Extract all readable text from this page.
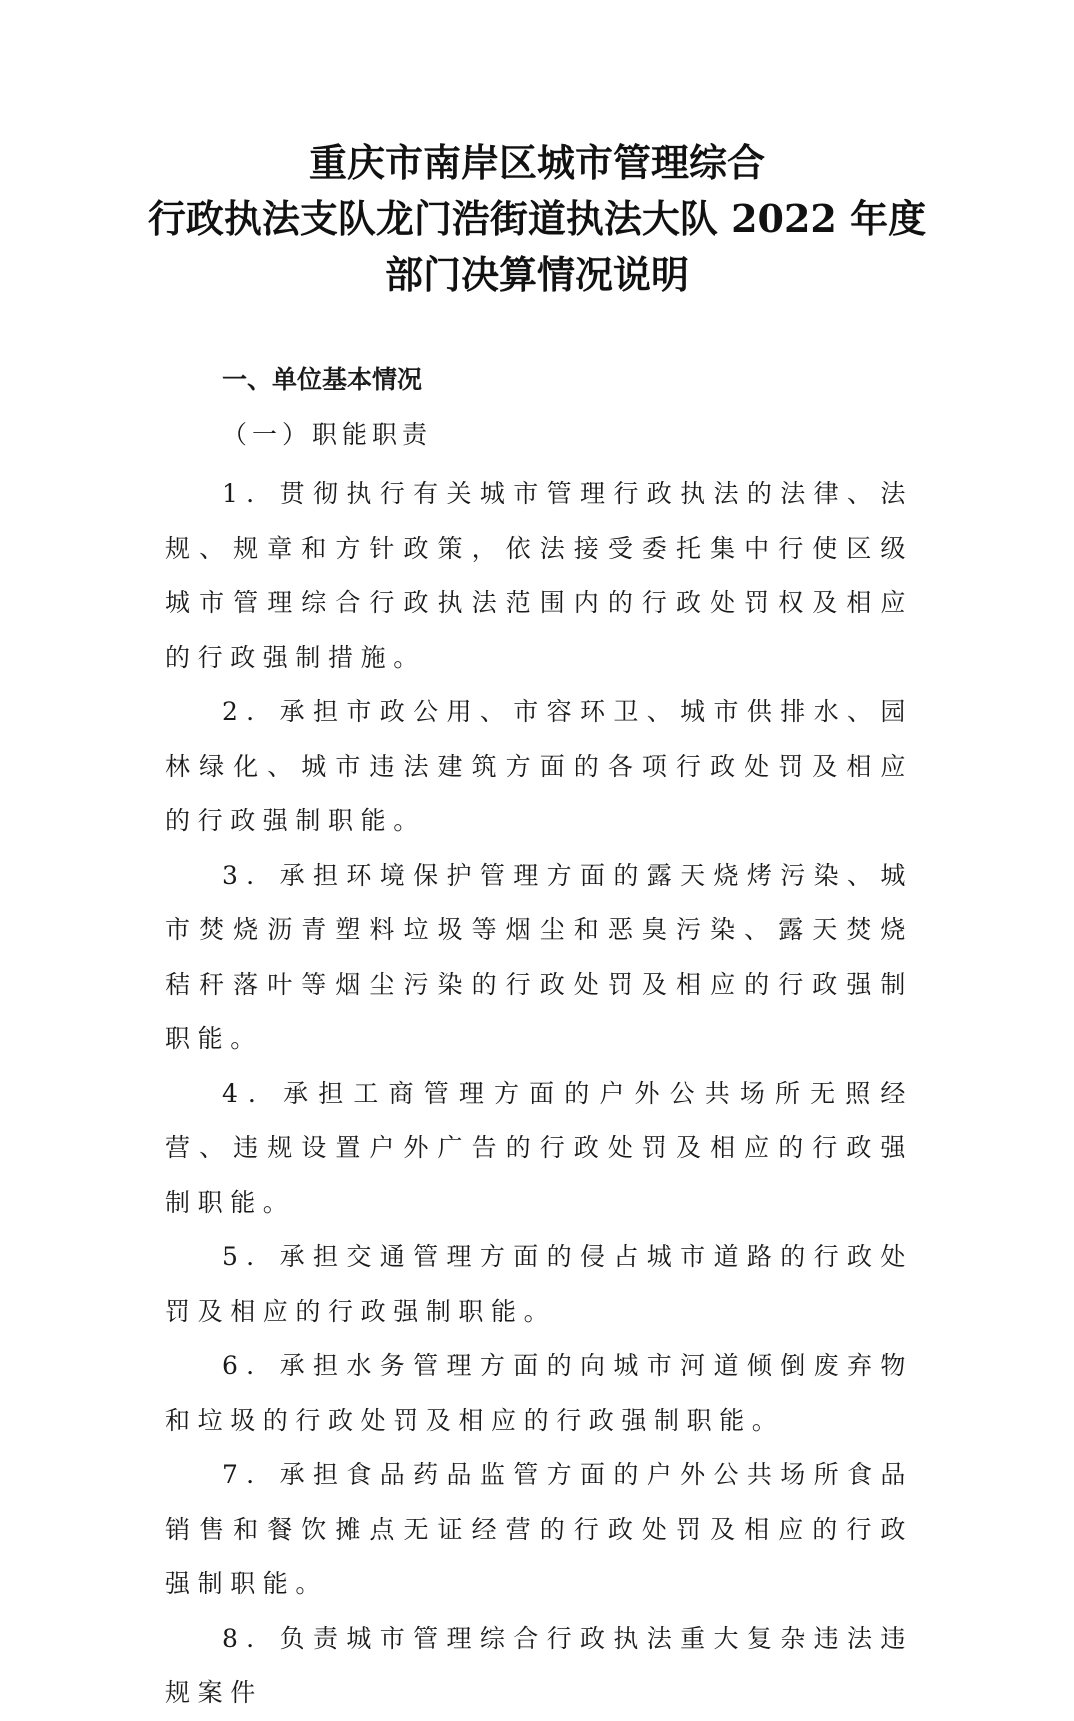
重庆市南岸区城市管理综合
行政执法支队龙门浩街道执法大队 2022 年度
部门决算情况说明
一、单位基本情况
（一）职能职责

1．贯彻执行有关城市管理行政执法的法律、法规、规章和方针政策，依法接受委托集中行使区级城市管理综合行政执法范围内的行政处罚权及相应的行政强制措施。

2．承担市政公用、市容环卫、城市供排水、园林绿化、城市违法建筑方面的各项行政处罚及相应的行政强制职能。

3．承担环境保护管理方面的露天烧烤污染、城市焚烧沥青塑料垃圾等烟尘和恶臭污染、露天焚烧秸秆落叶等烟尘污染的行政处罚及相应的行政强制职能。

4．承担工商管理方面的户外公共场所无照经营、违规设置户外广告的行政处罚及相应的行政强制职能。

5．承担交通管理方面的侵占城市道路的行政处罚及相应的行政强制职能。

6．承担水务管理方面的向城市河道倾倒废弃物和垃圾的行政处罚及相应的行政强制职能。

7．承担食品药品监管方面的户外公共场所食品销售和餐饮摊点无证经营的行政处罚及相应的行政强制职能。

8．负责城市管理综合行政执法重大复杂违法违规案件
